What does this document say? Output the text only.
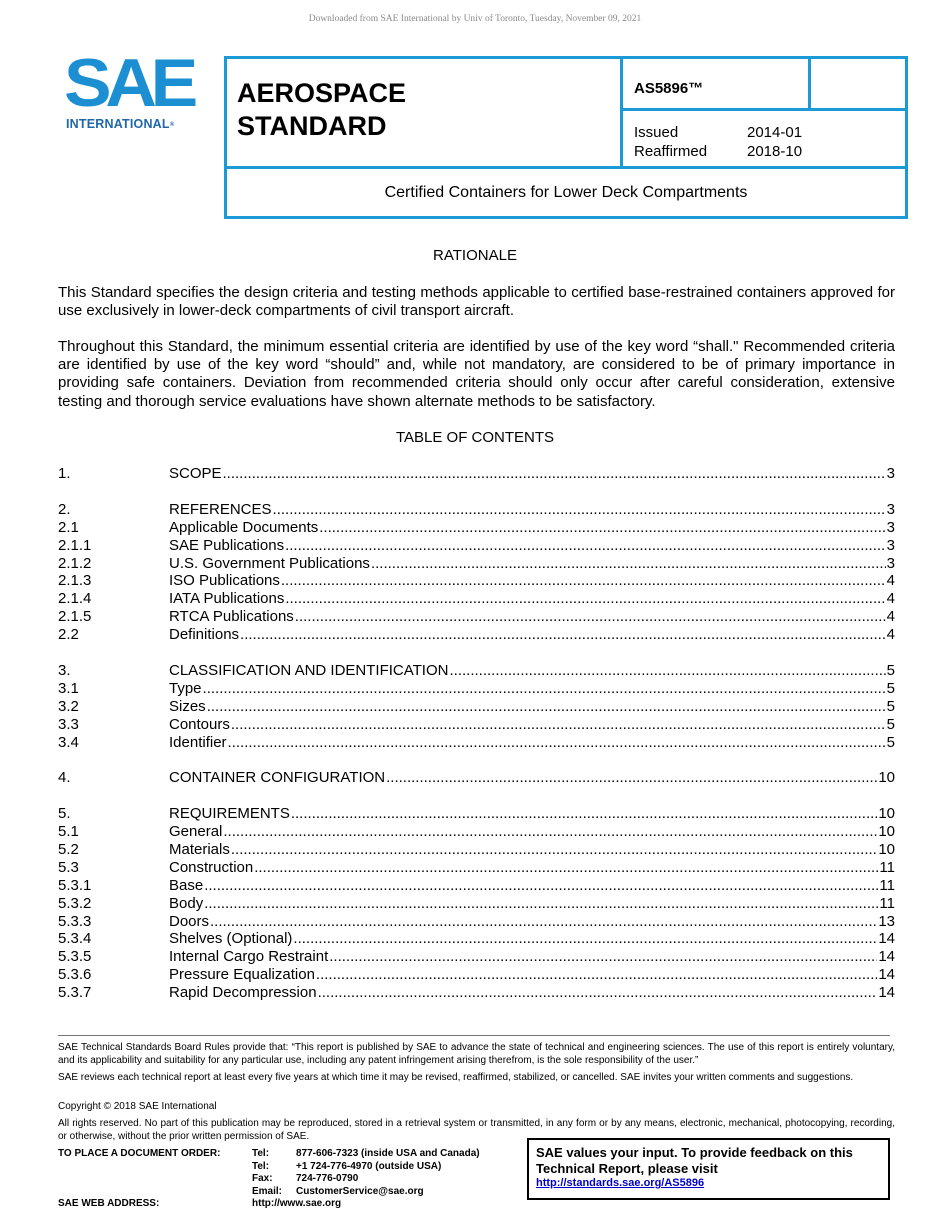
Downloaded from SAE International by Univ of Toronto, Tuesday, November 09, 2021
SAE
INTERNATIONAL®
AEROSPACE
STANDARD
AS5896™
Issued	2014-01
Reaffirmed	2018-10
Certified Containers for Lower Deck Compartments
RATIONALE
This Standard specifies the design criteria and testing methods applicable to certified base-restrained containers approved for use exclusively in lower-deck compartments of civil transport aircraft.
Throughout this Standard, the minimum essential criteria are identified by use of the key word “shall." Recommended criteria are identified by use of the key word “should” and, while not mandatory, are considered to be of primary importance in providing safe containers. Deviation from recommended criteria should only occur after careful consideration, extensive testing and thorough service evaluations have shown alternate methods to be satisfactory.
TABLE OF CONTENTS
1.	SCOPE .....	3
2.	REFERENCES .....	3
2.1	Applicable Documents .....	3
2.1.1	SAE Publications .....	3
2.1.2	U.S. Government Publications .....	3
2.1.3	ISO Publications .....	4
2.1.4	IATA Publications .....	4
2.1.5	RTCA Publications .....	4
2.2	Definitions .....	4
3.	CLASSIFICATION AND IDENTIFICATION .....	5
3.1	Type .....	5
3.2	Sizes .....	5
3.3	Contours .....	5
3.4	Identifier .....	5
4.	CONTAINER CONFIGURATION .....	10
5.	REQUIREMENTS .....	10
5.1	General .....	10
5.2	Materials .....	10
5.3	Construction .....	11
5.3.1	Base .....	11
5.3.2	Body .....	11
5.3.3	Doors .....	13
5.3.4	Shelves (Optional) .....	14
5.3.5	Internal Cargo Restraint .....	14
5.3.6	Pressure Equalization .....	14
5.3.7	Rapid Decompression .....	14
SAE Technical Standards Board Rules provide that: “This report is published by SAE to advance the state of technical and engineering sciences. The use of this report is entirely voluntary, and its applicability and suitability for any particular use, including any patent infringement arising therefrom, is the sole responsibility of the user.”
SAE reviews each technical report at least every five years at which time it may be revised, reaffirmed, stabilized, or cancelled. SAE invites your written comments and suggestions.
Copyright © 2018 SAE International
All rights reserved. No part of this publication may be reproduced, stored in a retrieval system or transmitted, in any form or by any means, electronic, mechanical, photocopying, recording, or otherwise, without the prior written permission of SAE.
TO PLACE A DOCUMENT ORDER:
SAE WEB ADDRESS:
Tel:	877-606-7323 (inside USA and Canada)
Tel:	+1 724-776-4970 (outside USA)
Fax:	724-776-0790
Email:	CustomerService@sae.org
http://www.sae.org
SAE values your input. To provide feedback on this Technical Report, please visit
http://standards.sae.org/AS5896
